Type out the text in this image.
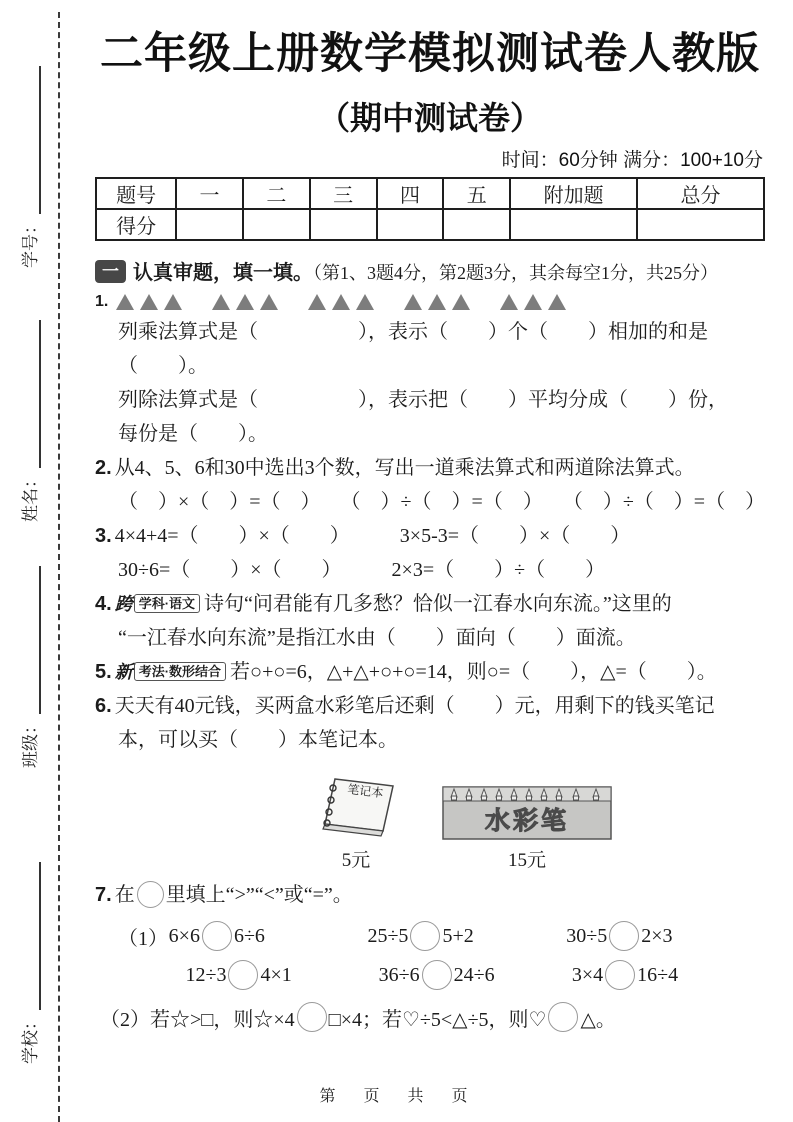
学号：
姓名：
班级：
学校：
二年级上册数学模拟测试卷人教版
（期中测试卷）
时间：60分钟 满分：100+10分
题号	一	二	三	四	五	附加题	总分
得分							
一 认真审题，填一填。（第1、3题4分，第2题3分，其余每空1分，共25分）
1.
列乘法算式是（　　　　　），表示（　　）个（　　）相加的和是（　　）。
列除法算式是（　　　　　），表示把（　　）平均分成（　　）份，
每份是（　　）。
2. 从4、5、6和30中选出3个数，写出一道乘法算式和两道除法算式。
（　）×（　）=（　）　　（　）÷（　）=（　）　　（　）÷（　）=（　）
3. 4×4+4=（　　）×（　　）　　　3×5-3=（　　）×（　　）
30÷6=（　　）×（　　）　　　2×3=（　　）÷（　　）
4. 跨 学科·语文 诗句“问君能有几多愁？恰似一江春水向东流。”这里的
“一江春水向东流”是指江水由（　　）面向（　　）面流。
5. 新 考法·数形结合 若○+○=6，△+△+○+○=14，则○=（　　），△=（　　）。
6. 天天有40元钱，买两盒水彩笔后还剩（　　）元，用剩下的钱买笔记
本，可以买（　　）本笔记本。
笔记本
5元
水彩笔
15元
7. 在 里填上“>”“<”或“=”。
（1） 6×6 6÷6	25÷5 5+2	30÷5 2×3
12÷3 4×1	36÷6 24÷6	3×4 16÷4
（2） 若☆>□，则☆×4 □×4；若♡÷5<△÷5，则♡ △。
第　页　共　页
